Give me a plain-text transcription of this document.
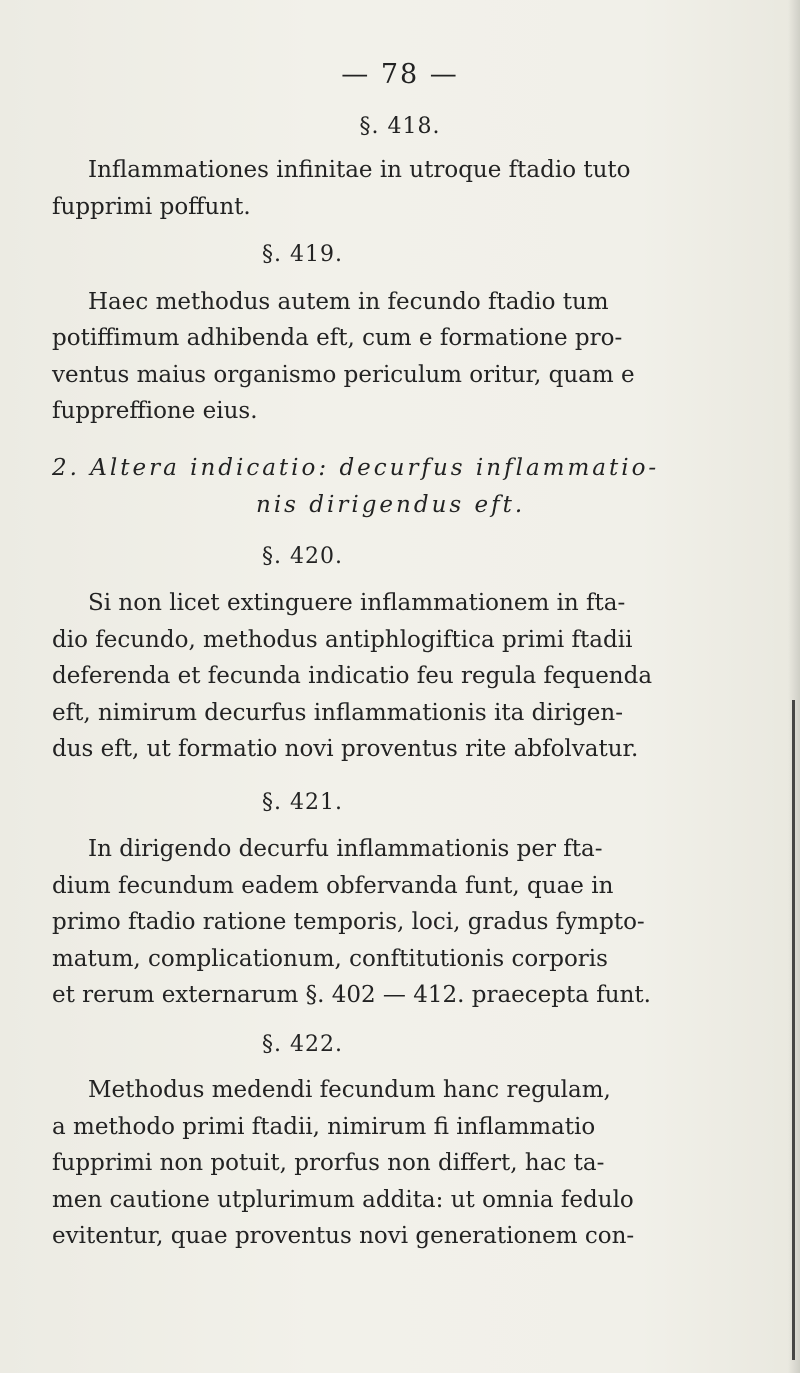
— 78 —
§. 418.
Inflammationes infinitae in utroque ftadio tuto
fupprimi poffunt.
§. 419.
Haec methodus autem in fecundo ftadio tum
potiffimum adhibenda eft, cum e formatione pro-
ventus maius organismo periculum oritur, quam e
fuppreffione eius.
2. Altera indicatio: decurfus inflammatio-
nis dirigendus eft.
§. 420.
Si non licet extinguere inflammationem in fta-
dio fecundo, methodus antiphlogiftica primi ftadii
deferenda et fecunda indicatio feu regula fequenda
eft, nimirum decurfus inflammationis ita dirigen-
dus eft, ut formatio novi proventus rite abfolvatur.
§. 421.
In dirigendo decurfu inflammationis per fta-
dium fecundum eadem obfervanda funt, quae in
primo ftadio ratione temporis, loci, gradus fympto-
matum, complicationum, conftitutionis corporis
et rerum externarum §. 402 — 412. praecepta funt.
§. 422.
Methodus medendi fecundum hanc regulam,
a methodo primi ftadii, nimirum fi inflammatio
fupprimi non potuit, prorfus non differt, hac ta-
men cautione utplurimum addita: ut omnia fedulo
evitentur, quae proventus novi generationem con-
